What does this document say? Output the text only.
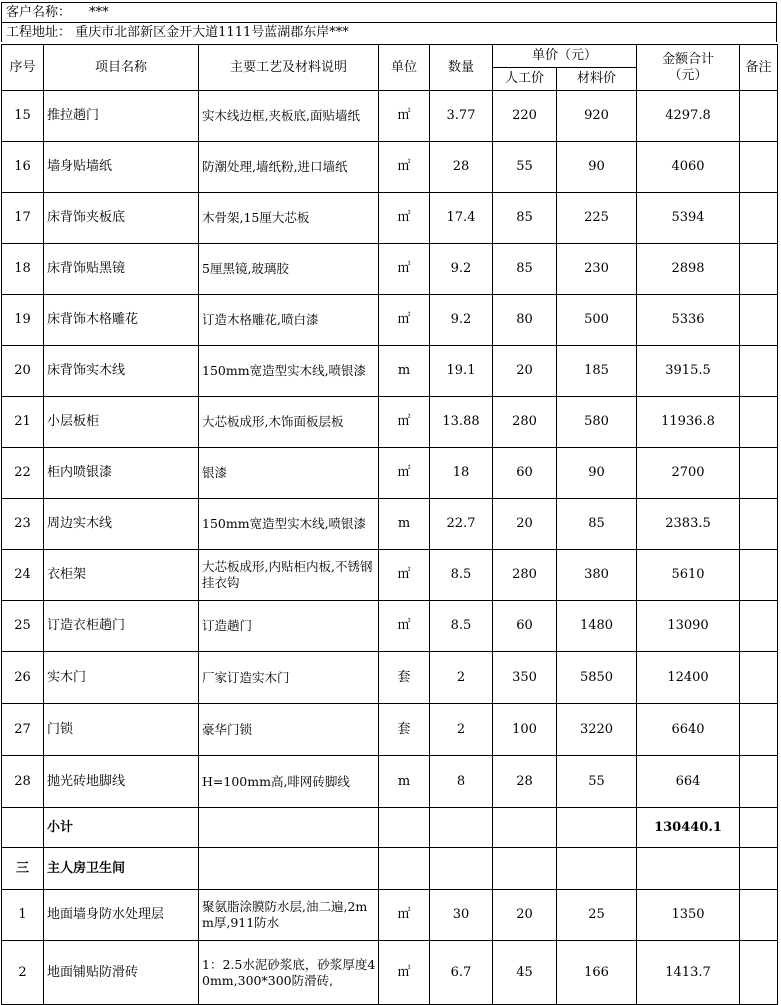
客户名称： ***
工程地址： 重庆市北部新区金开大道1111号蓝湖郡东岸***
序号	项目名称	主要工艺及材料说明	单位	数量	单价（元）		金额合计（元）	备注
					人工价	材料价		
15	推拉趟门	实木线边框,夹板底,面贴墙纸	㎡	3.77	220	920	4297.8	
16	墙身贴墙纸	防潮处理,墙纸粉,进口墙纸	㎡	28	55	90	4060	
17	床背饰夹板底	木骨架,15厘大芯板	㎡	17.4	85	225	5394	
18	床背饰贴黑镜	5厘黑镜,玻璃胶	㎡	9.2	85	230	2898	
19	床背饰木格雕花	订造木格雕花,喷白漆	㎡	9.2	80	500	5336	
20	床背饰实木线	150mm宽造型实木线,喷银漆	m	19.1	20	185	3915.5	
21	小层板柜	大芯板成形,木饰面板层板	㎡	13.88	280	580	11936.8	
22	柜内喷银漆	银漆	㎡	18	60	90	2700	
23	周边实木线	150mm宽造型实木线,喷银漆	m	22.7	20	85	2383.5	
24	衣柜架	大芯板成形,内贴柜内板,不锈钢挂衣钩	㎡	8.5	280	380	5610	
25	订造衣柜趟门	订造趟门	㎡	8.5	60	1480	13090	
26	实木门	厂家订造实木门	套	2	350	5850	12400	
27	门锁	豪华门锁	套	2	100	3220	6640	
28	抛光砖地脚线	H=100mm高,啡网砖脚线	m	8	28	55	664	
	小计						130440.1	
三	主人房卫生间							
1	地面墙身防水处理层	聚氨脂涂膜防水层,油二遍,2mm厚,911防水	㎡	30	20	25	1350	
2	地面铺贴防滑砖	1：2.5水泥砂浆底，砂浆厚度40mm,300*300防滑砖,	㎡	6.7	45	166	1413.7	
